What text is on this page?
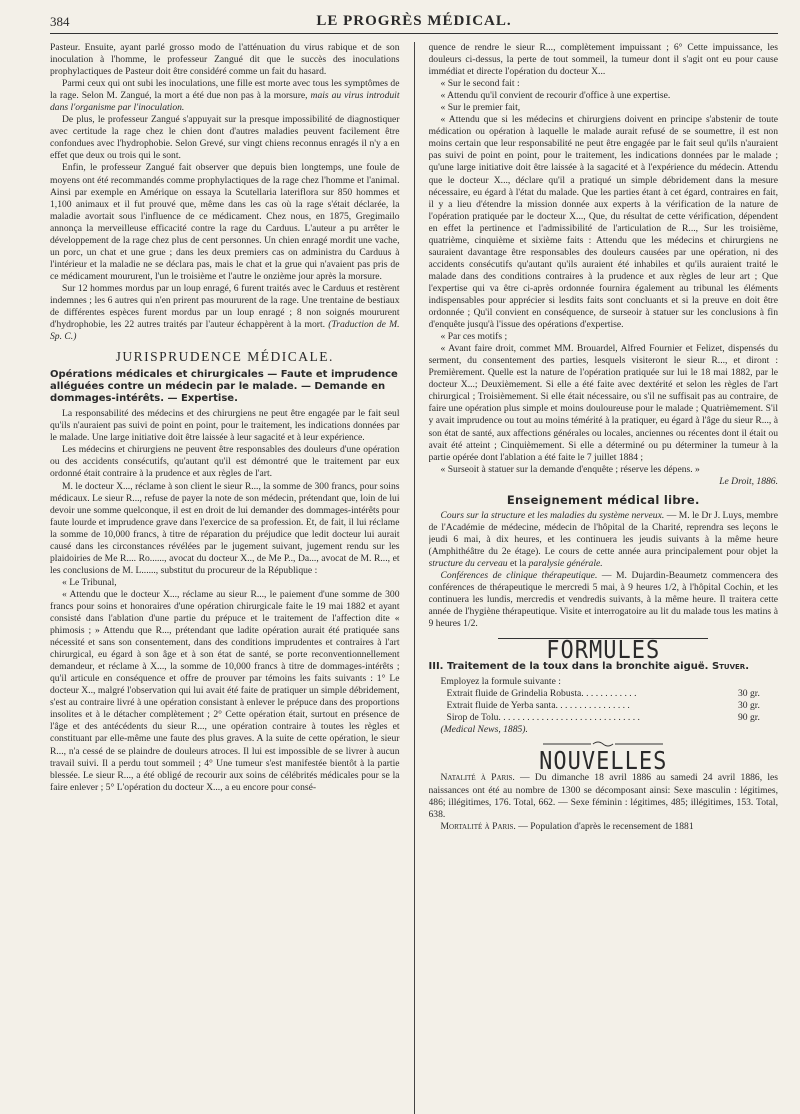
384	LE PROGRÈS MÉDICAL.

Pasteur. Ensuite, ayant parlé grosso modo de l'atténuation du virus rabique et de son inoculation à l'homme, le professeur Zangué dit que le succès des inoculations prophylactiques de Pasteur doit être considéré comme un fait du hasard.

Parmi ceux qui ont subi les inoculations, une fille est morte avec tous les symptômes de la rage. Selon M. Zangué, la mort a été due non pas à la morsure, mais au virus introduit dans l'organisme par l'inoculation.

De plus, le professeur Zangué s'appuyait sur la presque impossibilité de diagnostiquer avec certitude la rage chez le chien dont d'autres maladies peuvent facilement être confondues avec l'hydrophobie. Selon Grevé, sur vingt chiens reconnus enragés il n'y a en effet que deux ou trois qui le sont.

Enfin, le professeur Zangué fait observer que depuis bien longtemps, une foule de moyens ont été recommandés comme prophylactiques de la rage chez l'homme et l'animal. Ainsi par exemple en Amérique on essaya la Scutellaria lateriflora sur 850 hommes et 1,100 animaux et il fut prouvé que, même dans les cas où la rage s'était déclarée, la maladie avortait sous l'influence de ce médicament. Chez nous, en 1875, Gregimailo annonça la merveilleuse efficacité contre la rage du Carduus. L'auteur a pu arrêter le développement de la rage chez plus de cent personnes. Un chien enragé mordit une vache, un porc, un chat et une grue ; dans les deux premiers cas on administra du Carduus à l'intérieur et la maladie ne se déclara pas, mais le chat et la grue qui n'avaient pas pris de ce médicament moururent, l'un le troisième et l'autre le onzième jour après la morsure.

Sur 12 hommes mordus par un loup enragé, 6 furent traités avec le Carduus et restèrent indemnes ; les 6 autres qui n'en prirent pas moururent de la rage. Une trentaine de bestiaux de différentes espèces furent mordus par un loup enragé ; 8 non soignés moururent d'hydrophobie, les 22 autres traités par l'auteur échappèrent à la mort. (Traduction de M. Sp. C.)

JURISPRUDENCE MÉDICALE.
Opérations médicales et chirurgicales — Faute et imprudence alléguées contre un médecin par le malade. — Demande en dommages-intérêts. — Expertise.

La responsabilité des médecins et des chirurgiens ne peut être engagée par le fait seul qu'ils n'auraient pas suivi de point en point, pour le traitement, les indications données par le malade. Une large initiative doit être laissée à leur sagacité et à leur expérience.

Les médecins et chirurgiens ne peuvent être responsables des douleurs d'une opération ou des accidents consécutifs, qu'autant qu'il est démontré que le traitement par eux ordonné était contraire à la prudence et aux règles de l'art.

M. le docteur X..., réclame à son client le sieur R..., la somme de 300 francs, pour soins médicaux. Le sieur R..., refuse de payer la note de son médecin, prétendant que, loin de lui devoir une somme quelconque, il est en droit de lui demander des dommages-intérêts pour faute lourde et imprudence grave dans l'exercice de sa profession. Et, de fait, il lui réclame la somme de 10,000 francs, à titre de réparation du préjudice que ledit docteur lui aurait causé dans les circonstances révélées par le jugement suivant, jugement rendu sur les plaidoiries de Me R.... Ro......, avocat du docteur X.., de Me P.., Da..., avocat de M. R..., et les conclusions de M. L......, substitut du procureur de la République :

« Le Tribunal,

« Attendu que le docteur X..., réclame au sieur R..., le paiement d'une somme de 300 francs pour soins et honoraires d'une opération chirurgicale faite le 19 mai 1882 et ayant consisté dans l'ablation d'une partie du prépuce et le traitement de l'affection dite « phimosis ; » Attendu que R..., prétendant que ladite opération aurait été pratiquée sans nécessité et sans son consentement, dans des conditions imprudentes et contraires à l'art chirurgical, eu égard à son âge et à son état de santé, se porte reconventionnellement demandeur, et réclame à X..., la somme de 10,000 francs à titre de dommages-intérêts ; qu'il articule en conséquence et offre de prouver par témoins les faits suivants : 1° Le docteur X.., malgré l'observation qui lui avait été faite de pratiquer un simple débridement, s'est au contraire livré à une opération consistant à enlever le prépuce dans des proportions insolites et à le détacher complètement ; 2° Cette opération était, surtout en présence de l'âge et des antécédents du sieur R..., une opération contraire à toutes les règles et constituant par elle-même une faute des plus graves. A la suite de cette opération, le sieur R..., n'a cessé de se plaindre de douleurs atroces. Il lui est impossible de se livrer à aucun travail suivi. Il a perdu tout sommeil ; 4° Une tumeur s'est manifestée bientôt à la partie blessée. Le sieur R..., a été obligé de recourir aux soins de célébrités médicales pour se la faire enlever ; 5° L'opération du docteur X..., a eu encore pour consé-

quence de rendre le sieur R..., complètement impuissant ; 6° Cette impuissance, les douleurs ci-dessus, la perte de tout sommeil, la tumeur dont il s'agit ont eu pour cause immédiat et directe l'opération du docteur X...

« Sur le second fait :

« Attendu qu'il convient de recourir d'office à une expertise.

« Sur le premier fait,

« Attendu que si les médecins et chirurgiens doivent en principe s'abstenir de toute médication ou opération à laquelle le malade aurait refusé de se soumettre, il est non moins certain que leur responsabilité ne peut être engagée par le fait seul qu'ils n'auraient pas suivi de point en point, pour le traitement, les indications données par le malade ; qu'une large initiative doit être laissée à la sagacité et à l'expérience du médecin. Attendu que le docteur X..., déclare qu'il a pratiqué un simple débridement dans la mesure nécessaire, eu égard à l'état du malade. Que les parties étant à cet égard, contraires en fait, il y a lieu d'étendre la mission donnée aux experts à la vérification de la nature de l'opération pratiquée par le docteur X..., Que, du résultat de cette vérification, dépendent en effet la pertinence et l'admissibilité de l'articulation de R..., Sur les troisième, quatrième, cinquième et sixième faits : Attendu que les médecins et chirurgiens ne sauraient davantage être responsables des douleurs causées par une opération, ni des accidents consécutifs qu'autant qu'ils auraient été inhabiles et qu'ils auraient traité le malade dans des conditions contraires à la prudence et aux règles de leur art ; Que l'expertise qui va être ci-après ordonnée fournira également au tribunal les éléments indispensables pour apprécier si lesdits faits sont concluants et si la preuve en doit être ordonnée ; Qu'il convient en conséquence, de surseoir à statuer sur les conclusions à fin d'enquête jusqu'à l'issue des opérations d'expertise.

« Par ces motifs ;

« Avant faire droit, commet MM. Brouardel, Alfred Fournier et Felizet, dispensés du serment, du consentement des parties, lesquels visiteront le sieur R..., et diront : Premièrement. Quelle est la nature de l'opération pratiquée sur lui le 18 mai 1882, par le docteur X...; Deuxièmement. Si elle a été faite avec dextérité et selon les règles de l'art chirurgical ; Troisièmement. Si elle était nécessaire, ou s'il ne suffisait pas au contraire, de faire une opération plus simple et moins douloureuse pour le malade ; Quatrièmement. S'il y avait imprudence ou tout au moins témérité à la pratiquer, eu égard à l'âge du sieur R..., à son état de santé, aux affections générales ou locales, anciennes ou récentes dont il était ou avait été atteint ; Cinquièmement. Si elle a déterminé ou pu déterminer la tumeur à la partie opérée dont l'ablation a été faite le 7 juillet 1884 ;

« Surseoit à statuer sur la demande d'enquête ; réserve les dépens. »

Le Droit, 1886.

Enseignement médical libre.

Cours sur la structure et les maladies du système nerveux. — M. le Dr J. Luys, membre de l'Académie de médecine, médecin de l'hôpital de la Charité, reprendra ses leçons le jeudi 6 mai, à dix heures, et les continuera les jeudis suivants à la même heure (Amphithéâtre du 2e étage). Le cours de cette année aura principalement pour objet la structure du cerveau et la paralysie générale.

Conférences de clinique thérapeutique. — M. Dujardin-Beaumetz commencera des conférences de thérapeutique le mercredi 5 mai, à 9 heures 1/2, à l'hôpital Cochin, et les continuera les lundis, mercredis et vendredis suivants, à la même heure. Il traitera cette année de l'hygiène thérapeutique. Visite et interrogatoire au lit du malade tous les matins à 9 heures 1/2.

FORMULES
III. Traitement de la toux dans la bronchite aiguë. Stuver.

Employez la formule suivante :

Extrait fluide de Grindelia Robusta. . . . . . . . . . . .	30 gr.
Extrait fluide de Yerba santa. . . . . . . . . . . . . . . .	30 gr.
Sirop de Tolu. . . . . . . . . . . . . . . . . . . . . . . . . . . . . .	90 gr.

(Medical News, 1885).

NOUVELLES

Natalité à Paris. — Du dimanche 18 avril 1886 au samedi 24 avril 1886, les naissances ont été au nombre de 1300 se décomposant ainsi: Sexe masculin : légitimes, 486; illégitimes, 176. Total, 662. — Sexe féminin : légitimes, 485; illégitimes, 153. Total, 638.

Mortalité à Paris. — Population d'après le recensement de 1881
